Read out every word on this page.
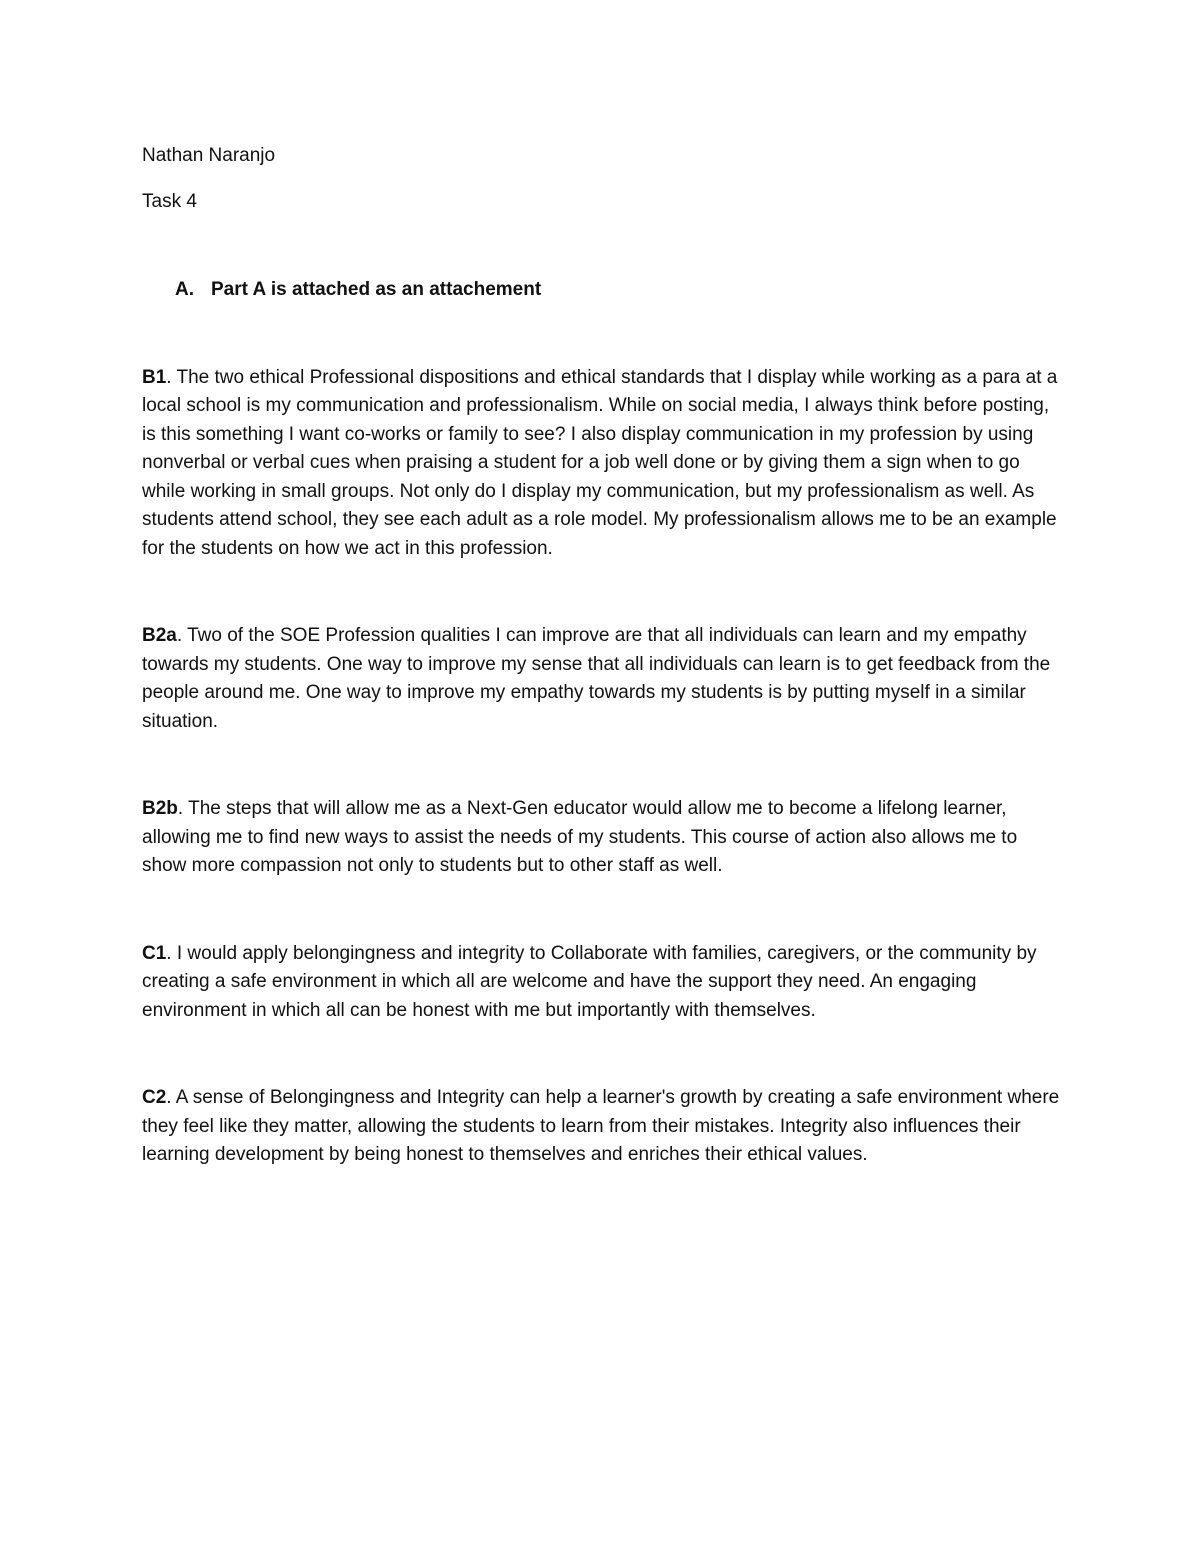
Nathan Naranjo
Task 4
A. Part A is attached as an attachement

B1. The two ethical Professional dispositions and ethical standards that I display while working as a para at a local school is my communication and professionalism. While on social media, I always think before posting, is this something I want co-works or family to see? I also display communication in my profession by using nonverbal or verbal cues when praising a student for a job well done or by giving them a sign when to go while working in small groups. Not only do I display my communication, but my professionalism as well. As students attend school, they see each adult as a role model. My professionalism allows me to be an example for the students on how we act in this profession.

B2a. Two of the SOE Profession qualities I can improve are that all individuals can learn and my empathy towards my students. One way to improve my sense that all individuals can learn is to get feedback from the people around me. One way to improve my empathy towards my students is by putting myself in a similar situation.

B2b. The steps that will allow me as a Next-Gen educator would allow me to become a lifelong learner, allowing me to find new ways to assist the needs of my students. This course of action also allows me to show more compassion not only to students but to other staff as well.

C1. I would apply belongingness and integrity to Collaborate with families, caregivers, or the community by creating a safe environment in which all are welcome and have the support they need. An engaging environment in which all can be honest with me but importantly with themselves.

C2. A sense of Belongingness and Integrity can help a learner's growth by creating a safe environment where they feel like they matter, allowing the students to learn from their mistakes. Integrity also influences their learning development by being honest to themselves and enriches their ethical values.
